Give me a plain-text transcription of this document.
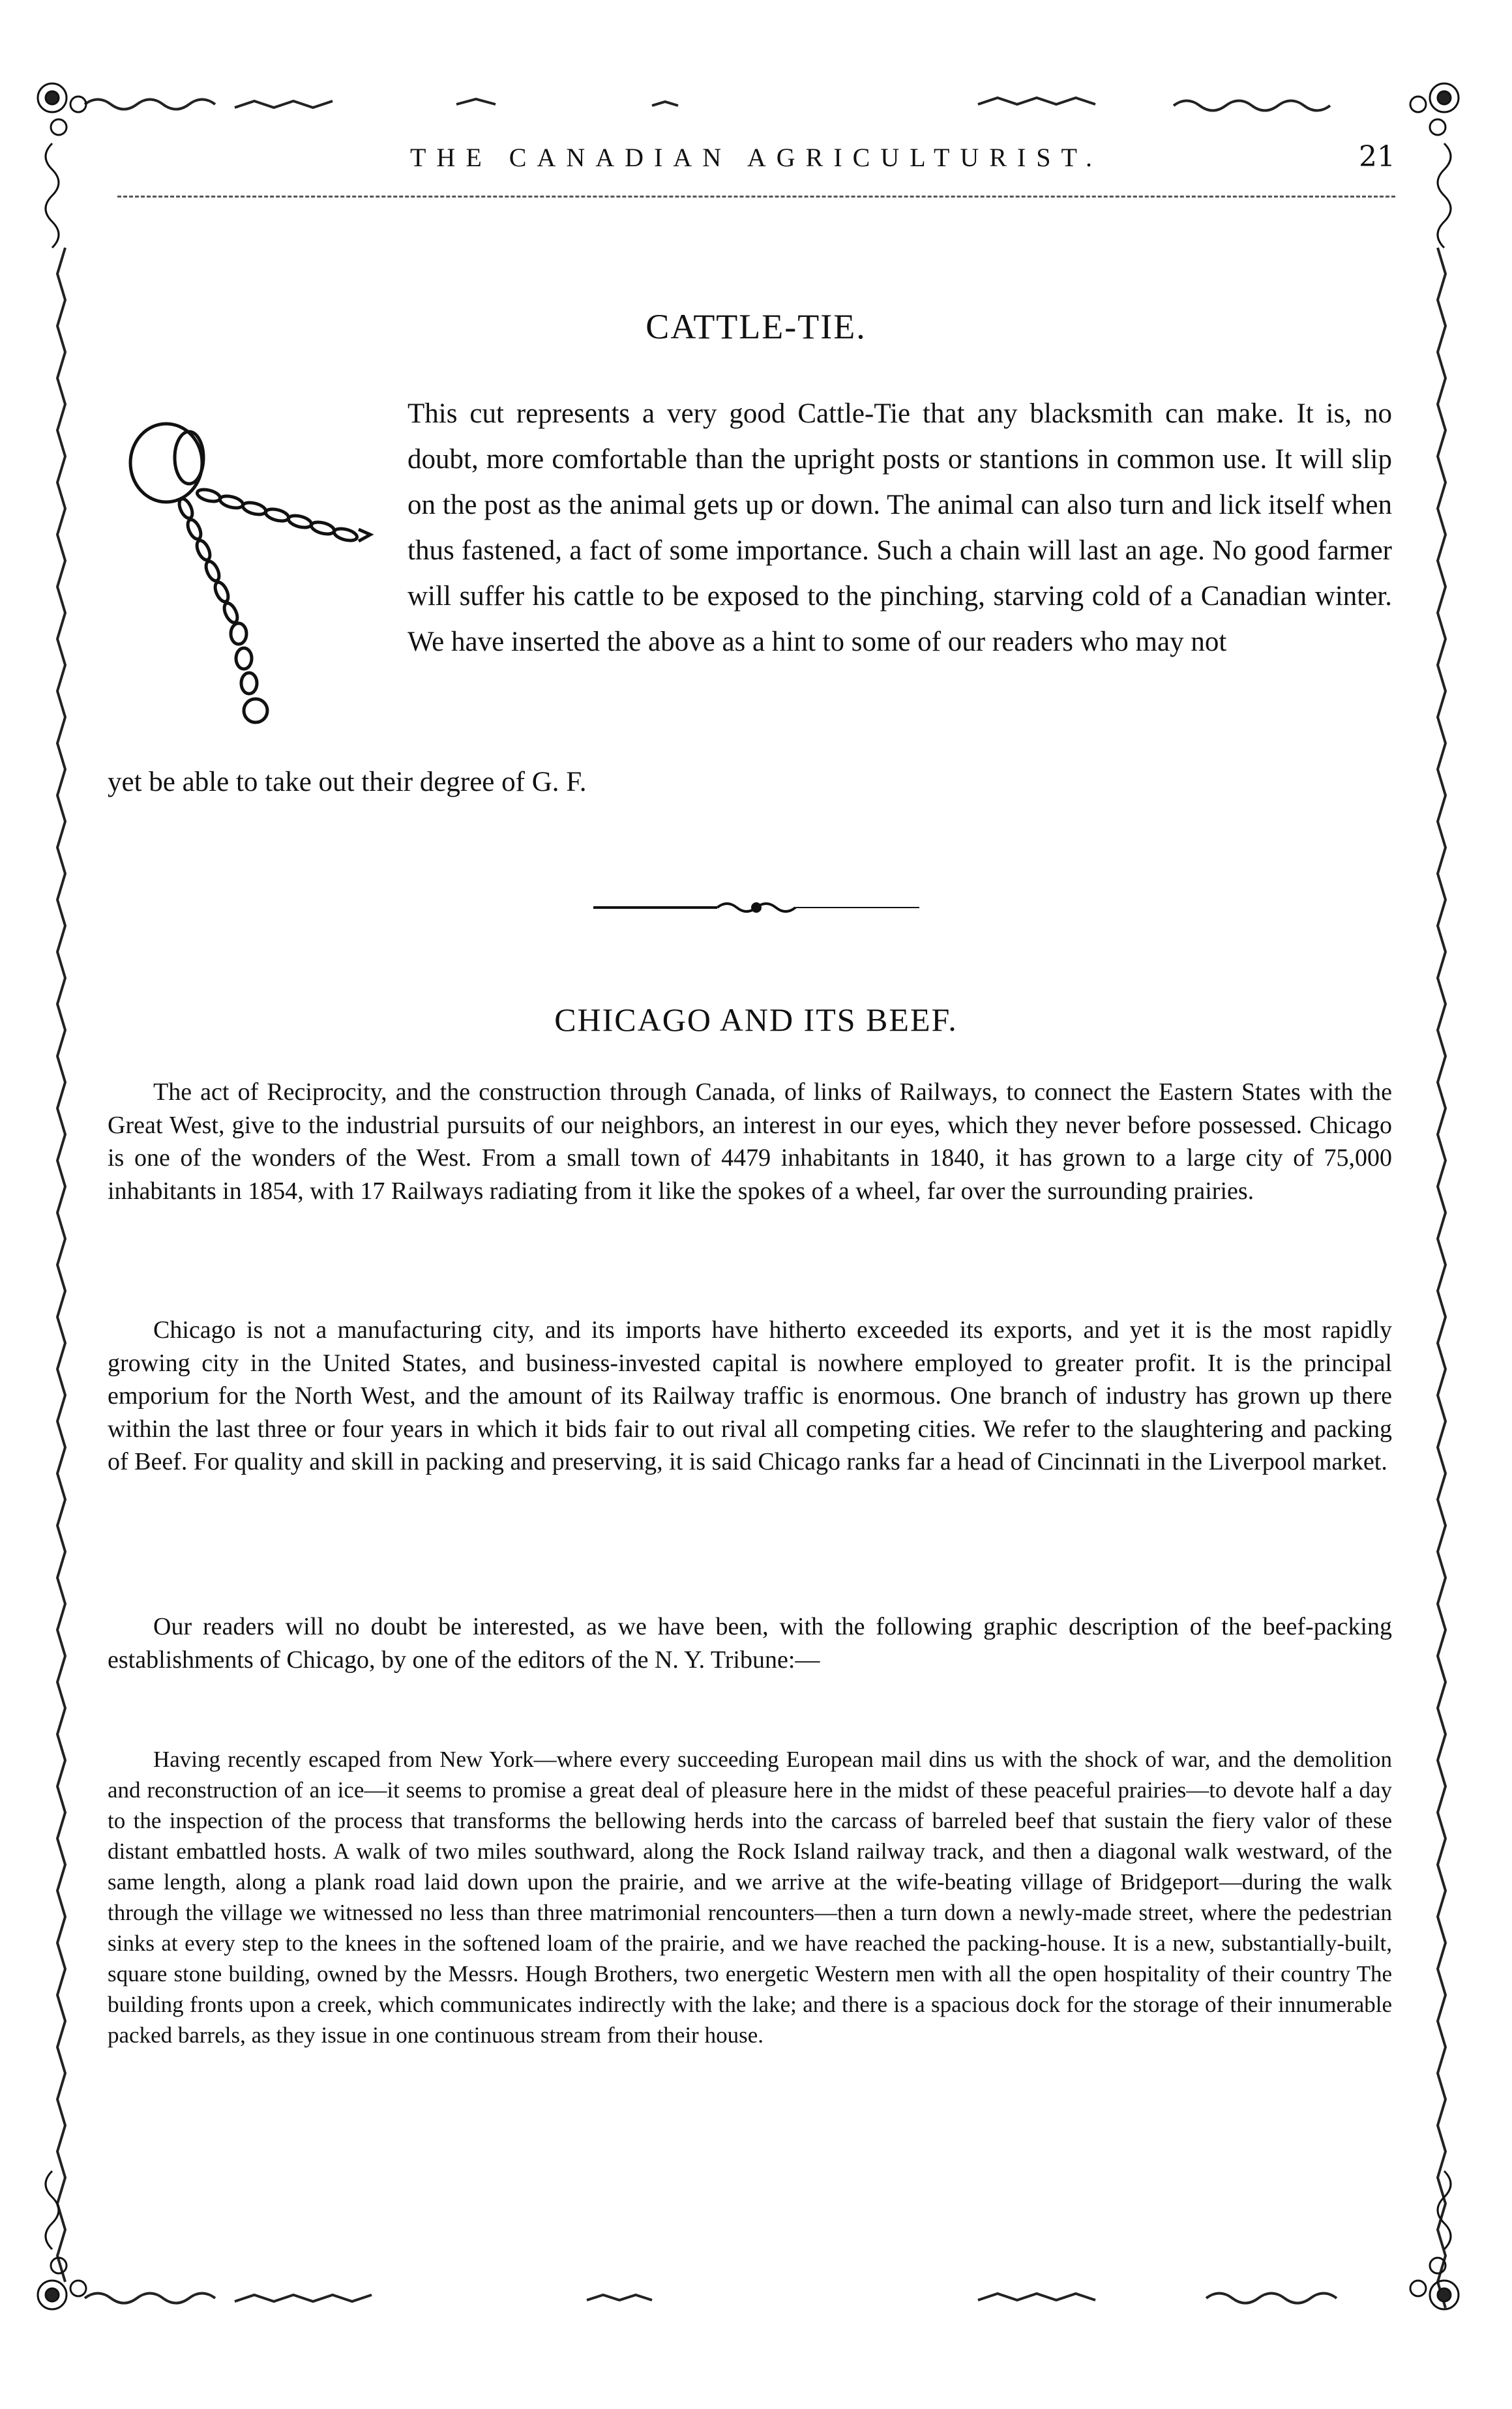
THE CANADIAN AGRICULTURIST.	21
CATTLE-TIE.

This cut represents a very good Cattle-Tie that any blacksmith can make. It is, no doubt, more comfortable than the upright posts or stantions in common use. It will slip on the post as the animal gets up or down. The animal can also turn and lick itself when thus fastened, a fact of some importance. Such a chain will last an age. No good farmer will suffer his cattle to be exposed to the pinching, starving cold of a Canadian winter. We have inserted the above as a hint to some of our readers who may not

yet be able to take out their degree of G. F.

CHICAGO AND ITS BEEF.

The act of Reciprocity, and the construction through Canada, of links of Railways, to connect the Eastern States with the Great West, give to the industrial pursuits of our neighbors, an interest in our eyes, which they never before possessed. Chicago is one of the wonders of the West. From a small town of 4479 inhabitants in 1840, it has grown to a large city of 75,000 inhabitants in 1854, with 17 Railways radiating from it like the spokes of a wheel, far over the surrounding prairies.

Chicago is not a manufacturing city, and its imports have hitherto exceeded its exports, and yet it is the most rapidly growing city in the United States, and business-invested capital is nowhere employed to greater profit. It is the principal emporium for the North West, and the amount of its Railway traffic is enormous. One branch of industry has grown up there within the last three or four years in which it bids fair to out rival all competing cities. We refer to the slaughtering and packing of Beef. For quality and skill in packing and preserving, it is said Chicago ranks far a head of Cincinnati in the Liverpool market.

Our readers will no doubt be interested, as we have been, with the following graphic description of the beef-packing establishments of Chicago, by one of the editors of the N. Y. Tribune:—

Having recently escaped from New York—where every succeeding European mail dins us with the shock of war, and the demolition and reconstruction of an ice—it seems to promise a great deal of pleasure here in the midst of these peaceful prairies—to devote half a day to the inspection of the process that transforms the bellowing herds into the carcass of barreled beef that sustain the fiery valor of these distant embattled hosts. A walk of two miles southward, along the Rock Island railway track, and then a diagonal walk westward, of the same length, along a plank road laid down upon the prairie, and we arrive at the wife-beating village of Bridgeport—during the walk through the village we witnessed no less than three matrimonial rencounters—then a turn down a newly-made street, where the pedestrian sinks at every step to the knees in the softened loam of the prairie, and we have reached the packing-house. It is a new, substantially-built, square stone building, owned by the Messrs. Hough Brothers, two energetic Western men with all the open hospitality of their country The building fronts upon a creek, which communicates indirectly with the lake; and there is a spacious dock for the storage of their innumerable packed barrels, as they issue in one continuous stream from their house.
